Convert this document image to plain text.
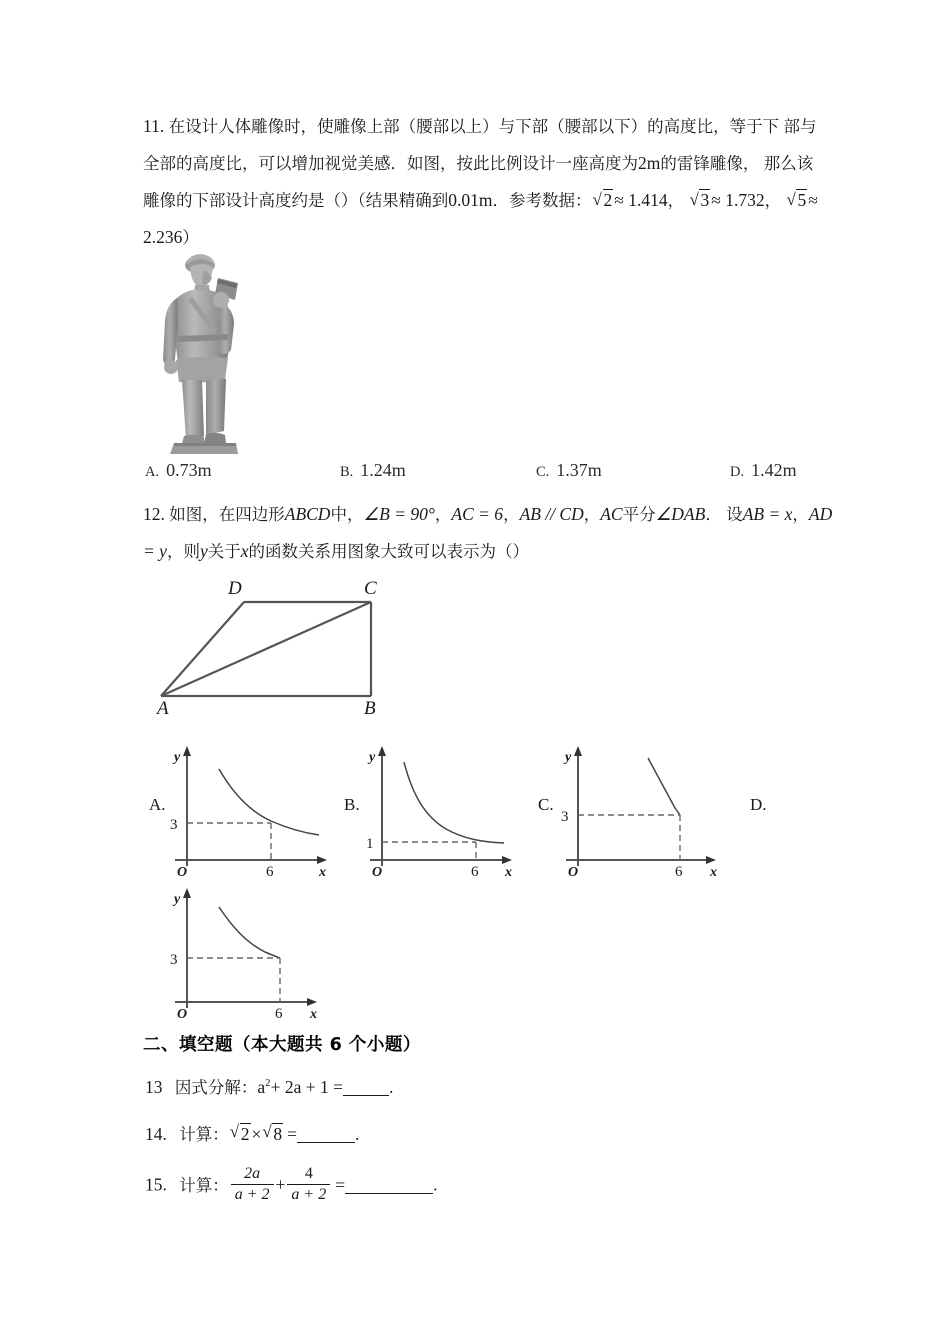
11. 在设计人体雕像时，使雕像上部（腰部以上）与下部（腰部以下）的高度比，等于下 部与全部的高度比，可以增加视觉美感．如图，按此比例设计一座高度为2m的雷锋雕像， 那么该雕像的下部设计高度约是（）（结果精确到0.01m．参考数据： √ 2 ≈ 1.414， √ 3 ≈ 1.732， √ 5 ≈ 2.236）
A. 0.73m	B. 1.24m	C. 1.37m	D. 1.42m
12. 如图，在四边形ABCD中，∠B = 90°，AC = 6，AB // CD，AC平分∠DAB． 设AB = x，AD = y，则y关于x的函数关系用图象大致可以表示为（）
D	C
A	B
A.
O
y
x
3
6
B.
O
y
x
1
6
C.
O
y
x
3
6
D.
O
y
x
3
6
二、填空题（本大题共 6 个小题）
13 因式分解：$a^2+ 2a + 1$ =	.
14. 计算： √ 2 × √ 8 =	.
15. 计算： $\frac{2a}{a + 2} + \frac{4}{a + 2}$ =	.
